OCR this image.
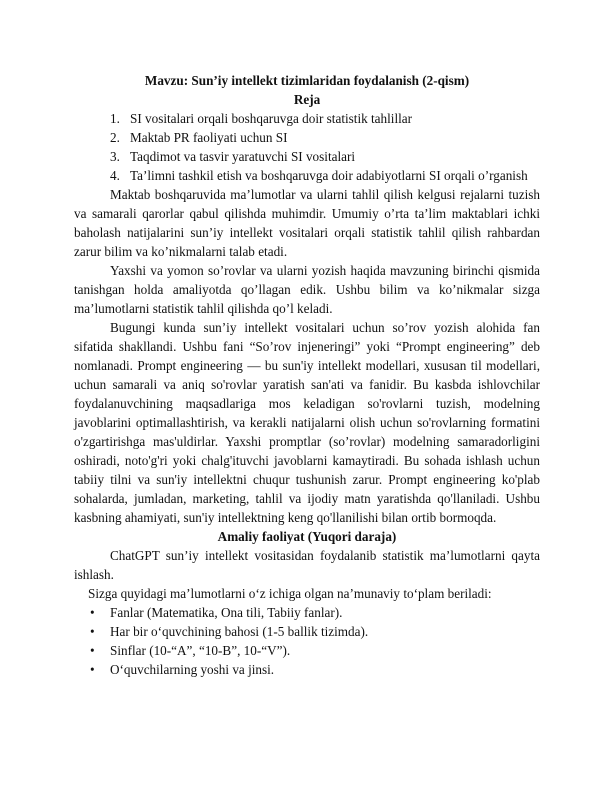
Mavzu: Sun’iy intellekt tizimlaridan foydalanish (2-qism)
Reja
1. SI vositalari orqali boshqaruvga doir statistik tahlillar
2. Maktab PR faoliyati uchun SI
3. Taqdimot va tasvir yaratuvchi SI vositalari
4. Ta’limni tashkil etish va boshqaruvga doir adabiyotlarni SI orqali o’rganish

Maktab boshqaruvida ma’lumotlar va ularni tahlil qilish kelgusi rejalarni tuzish va samarali qarorlar qabul qilishda muhimdir. Umumiy o’rta ta’lim maktablari ichki baholash natijalarini sun’iy intellekt vositalari orqali statistik tahlil qilish rahbardan zarur bilim va ko’nikmalarni talab etadi.

Yaxshi va yomon so’rovlar va ularni yozish haqida mavzuning birinchi qismida tanishgan holda amaliyotda qo’llagan edik. Ushbu bilim va ko’nikmalar sizga ma’lumotlarni statistik tahlil qilishda qo’l keladi.

Bugungi kunda sun’iy intellekt vositalari uchun so’rov yozish alohida fan sifatida shakllandi. Ushbu fani “So’rov injeneringi” yoki “Prompt engineering” deb nomlanadi. Prompt engineering — bu sun'iy intellekt modellari, xususan til modellari, uchun samarali va aniq so'rovlar yaratish san'ati va fanidir. Bu kasbda ishlovchilar foydalanuvchining maqsadlariga mos keladigan so'rovlarni tuzish, modelning javoblarini optimallashtirish, va kerakli natijalarni olish uchun so'rovlarning formatini o'zgartirishga mas'uldirlar. Yaxshi promptlar (so’rovlar) modelning samaradorligini oshiradi, noto'g'ri yoki chalg'ituvchi javoblarni kamaytiradi. Bu sohada ishlash uchun tabiiy tilni va sun'iy intellektni chuqur tushunish zarur. Prompt engineering ko'plab sohalarda, jumladan, marketing, tahlil va ijodiy matn yaratishda qo'llaniladi. Ushbu kasbning ahamiyati, sun'iy intellektning keng qo'llanilishi bilan ortib bormoqda.

Amaliy faoliyat (Yuqori daraja)

ChatGPT sun’iy intellekt vositasidan foydalanib statistik ma’lumotlarni qayta ishlash.

Sizga quyidagi ma’lumotlarni o‘z ichiga olgan na’munaviy to‘plam beriladi:

• Fanlar (Matematika, Ona tili, Tabiiy fanlar).
• Har bir o‘quvchining bahosi (1-5 ballik tizimda).
• Sinflar (10-“A”, “10-B”, 10-“V”).
• O‘quvchilarning yoshi va jinsi.
